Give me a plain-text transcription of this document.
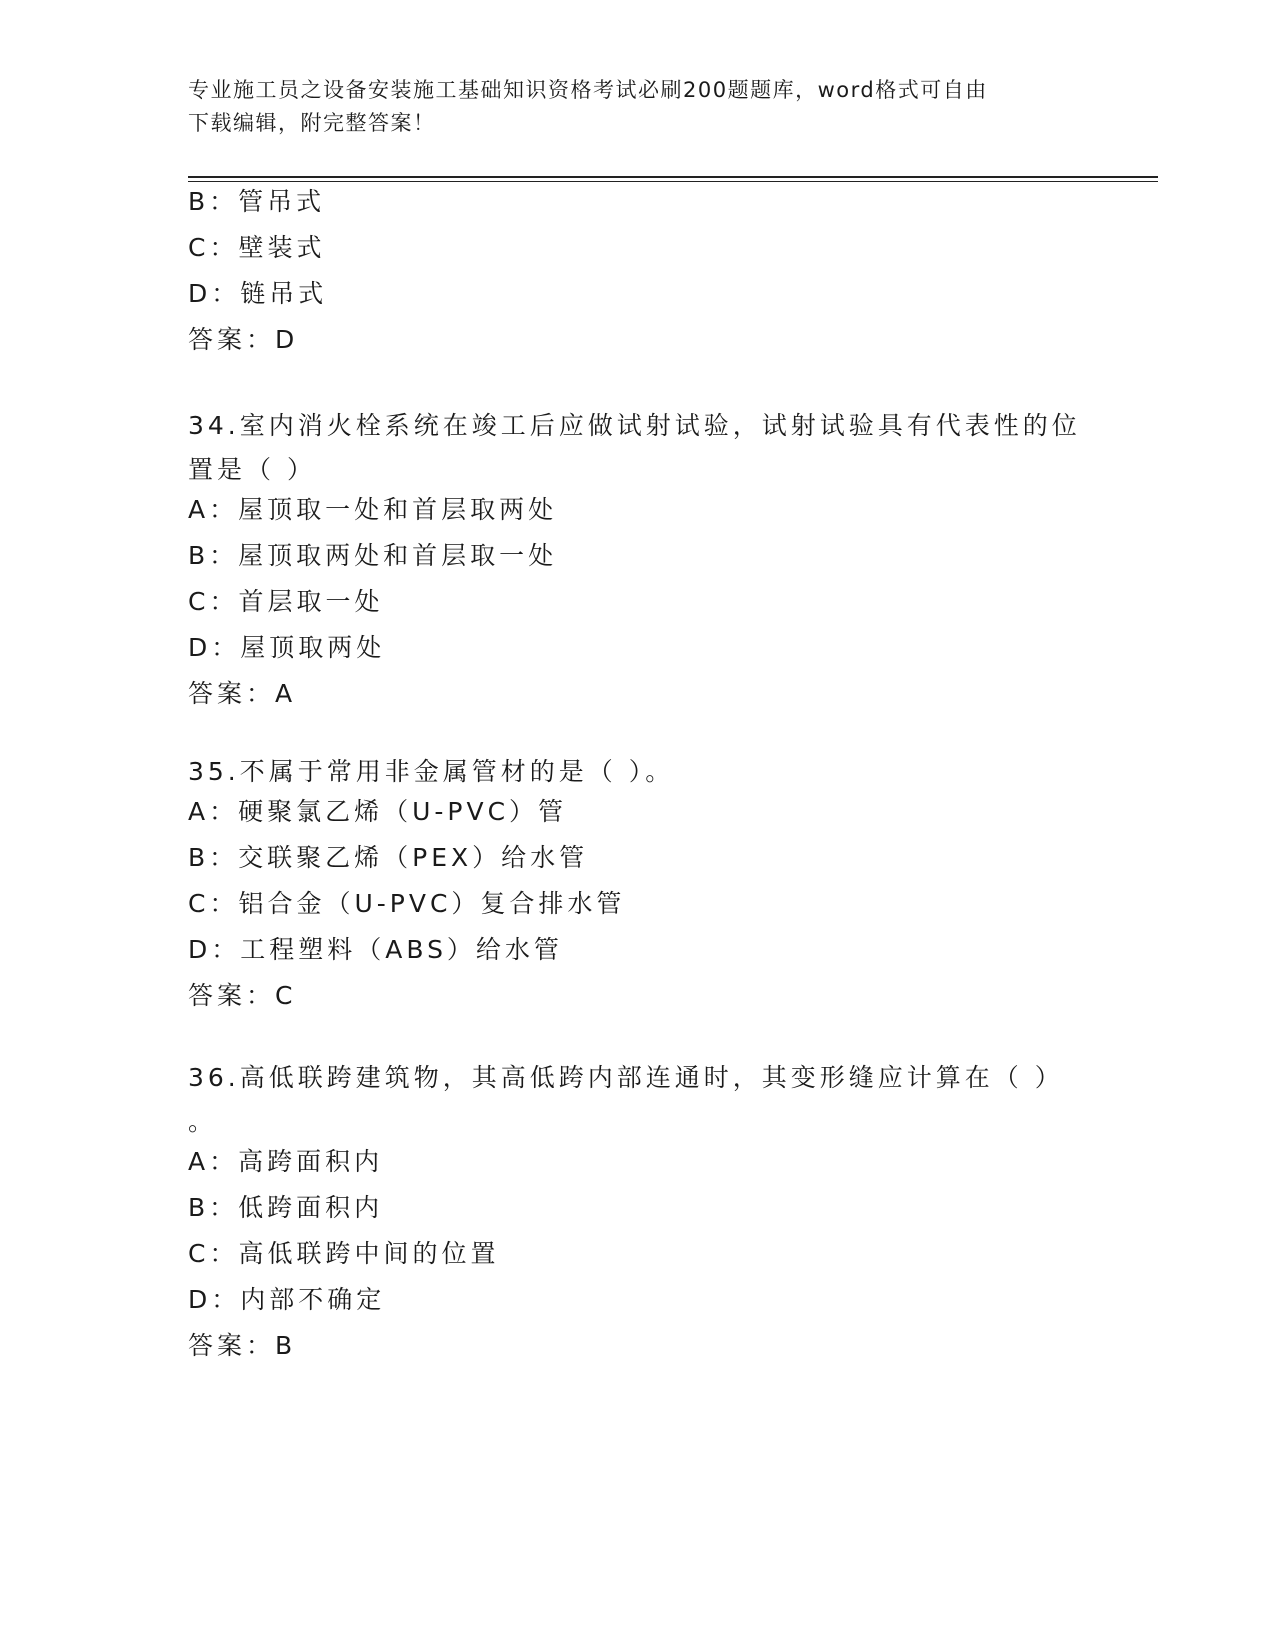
专业施工员之设备安装施工基础知识资格考试必刷200题题库，word格式可自由
下载编辑，附完整答案！
B：管吊式
C：壁装式
D：链吊式
答案：D
34.室内消火栓系统在竣工后应做试射试验，试射试验具有代表性的位
置是（ ）
A：屋顶取一处和首层取两处
B：屋顶取两处和首层取一处
C：首层取一处
D：屋顶取两处
答案：A
35.不属于常用非金属管材的是（ ）。
A：硬聚氯乙烯（U-PVC）管
B：交联聚乙烯（PEX）给水管
C：铝合金（U-PVC）复合排水管
D：工程塑料（ABS）给水管
答案：C
36.高低联跨建筑物，其高低跨内部连通时，其变形缝应计算在（ ）
。
A：高跨面积内
B：低跨面积内
C：高低联跨中间的位置
D：内部不确定
答案：B
